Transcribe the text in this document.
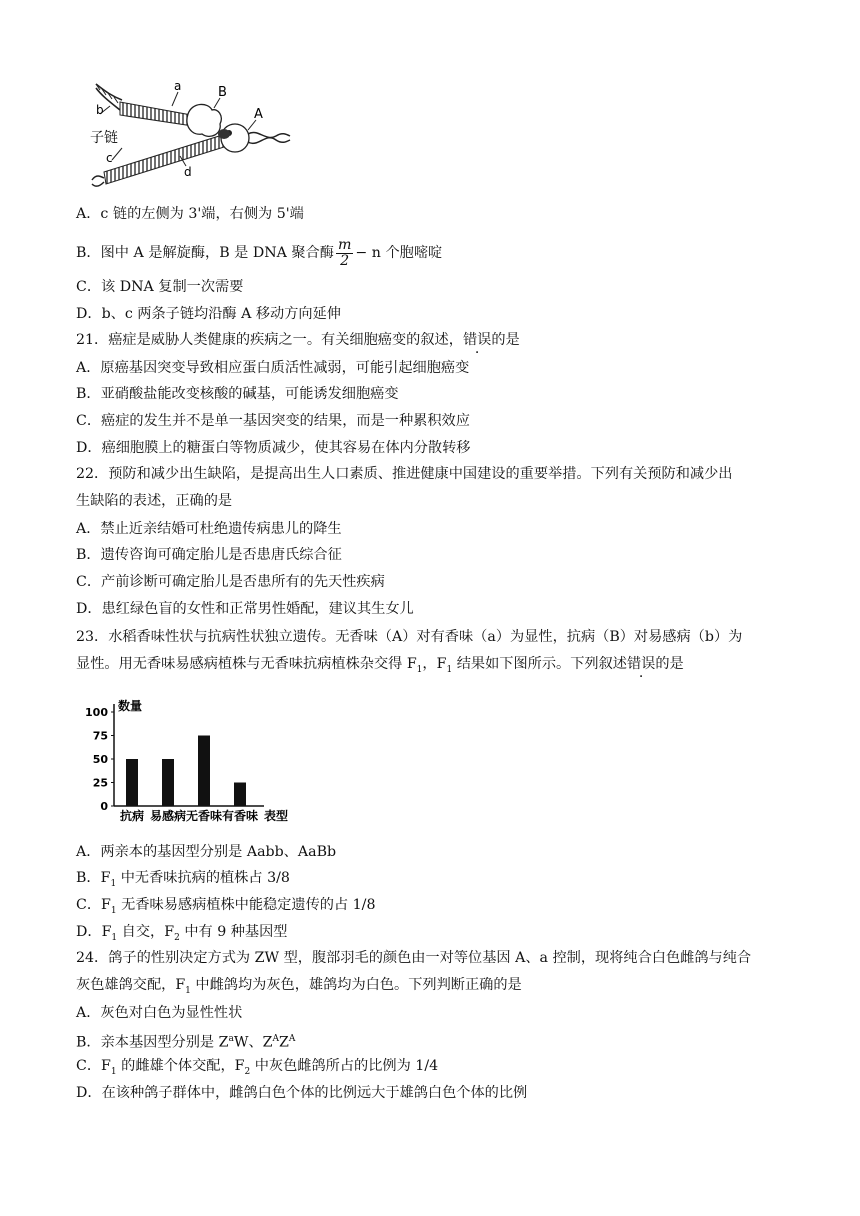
a	B
A
b
子链
c
d
A．c 链的左侧为 3'端，右侧为 5'端
B．图中 A 是解旋酶，B 是 DNA 聚合酶 $\frac{m}{2} - n$ 个胞嘧啶
C．该 DNA 复制一次需要
D．b、c 两条子链均沿酶 A 移动方向延伸
21．癌症是威胁人类健康的疾病之一。有关细胞癌变的叙述，错误的是
A．原癌基因突变导致相应蛋白质活性减弱，可能引起细胞癌变
B．亚硝酸盐能改变核酸的碱基，可能诱发细胞癌变
C．癌症的发生并不是单一基因突变的结果，而是一种累积效应
D．癌细胞膜上的糖蛋白等物质减少，使其容易在体内分散转移
22．预防和减少出生缺陷，是提高出生人口素质、推进健康中国建设的重要举措。下列有关预防和减少出
生缺陷的表述，正确的是
A．禁止近亲结婚可杜绝遗传病患儿的降生
B．遗传咨询可确定胎儿是否患唐氏综合征
C．产前诊断可确定胎儿是否患所有的先天性疾病
D．患红绿色盲的女性和正常男性婚配，建议其生女儿
23．水稻香味性状与抗病性状独立遗传。无香味（A）对有香味（a）为显性，抗病（B）对易感病（b）为
显性。用无香味易感病植株与无香味抗病植株杂交得 $F_1$，$F_1$ 结果如下图所示。下列叙述错误的是
数量
表型
0
25
50
75
100
抗病 易感病 无香味 有香味
A．两亲本的基因型分别是 Aabb、AaBb
B．$F_1$ 中无香味抗病的植株占 3/8
C．$F_1$ 无香味易感病植株中能稳定遗传的占 1/8
D．$F_1$ 自交，$F_2$ 中有 9 种基因型
24．鸽子的性别决定方式为 ZW 型，腹部羽毛的颜色由一对等位基因 A、a 控制，现将纯合白色雌鸽与纯合
灰色雄鸽交配，$F_1$ 中雌鸽均为灰色，雄鸽均为白色。下列判断正确的是
A．灰色对白色为显性性状
B．亲本基因型分别是 $Z^aW$、$Z^AZ^A$
C．$F_1$ 的雌雄个体交配，$F_2$ 中灰色雌鸽所占的比例为 1/4
D．在该种鸽子群体中，雌鸽白色个体的比例远大于雄鸽白色个体的比例
